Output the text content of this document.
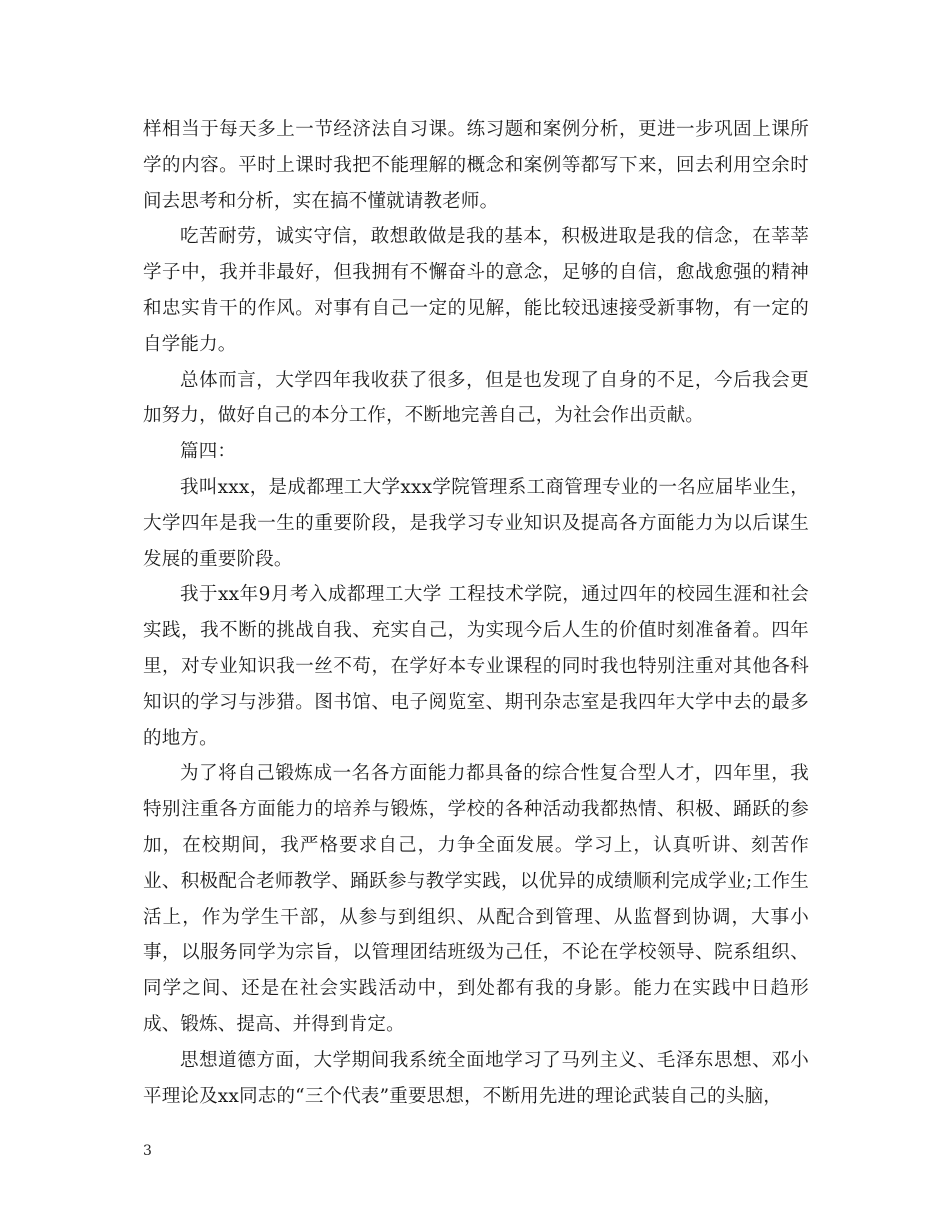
样相当于每天多上一节经济法自习课。练习题和案例分析，更进一步巩固上课所学的内容。平时上课时我把不能理解的概念和案例等都写下来，回去利用空余时间去思考和分析，实在搞不懂就请教老师。

吃苦耐劳，诚实守信，敢想敢做是我的基本，积极进取是我的信念，在莘莘学子中，我并非最好，但我拥有不懈奋斗的意念，足够的自信，愈战愈强的精神和忠实肯干的作风。对事有自己一定的见解，能比较迅速接受新事物，有一定的自学能力。

总体而言，大学四年我收获了很多，但是也发现了自身的不足，今后我会更加努力，做好自己的本分工作，不断地完善自己，为社会作出贡献。

篇四：

我叫xxx，是成都理工大学xxx学院管理系工商管理专业的一名应届毕业生，大学四年是我一生的重要阶段，是我学习专业知识及提高各方面能力为以后谋生发展的重要阶段。

我于xx年9月考入成都理工大学 工程技术学院，通过四年的校园生涯和社会实践，我不断的挑战自我、充实自己，为实现今后人生的价值时刻准备着。四年里，对专业知识我一丝不苟，在学好本专业课程的同时我也特别注重对其他各科知识的学习与涉猎。图书馆、电子阅览室、期刊杂志室是我四年大学中去的最多的地方。

为了将自己锻炼成一名各方面能力都具备的综合性复合型人才，四年里，我特别注重各方面能力的培养与锻炼，学校的各种活动我都热情、积极、踊跃的参加，在校期间，我严格要求自己，力争全面发展。学习上，认真听讲、刻苦作业、积极配合老师教学、踊跃参与教学实践，以优异的成绩顺利完成学业;工作生活上，作为学生干部，从参与到组织、从配合到管理、从监督到协调，大事小事，以服务同学为宗旨，以管理团结班级为己任，不论在学校领导、院系组织、同学之间、还是在社会实践活动中，到处都有我的身影。能力在实践中日趋形成、锻炼、提高、并得到肯定。

思想道德方面，大学期间我系统全面地学习了马列主义、毛泽东思想、邓小平理论及xx同志的“三个代表”重要思想，不断用先进的理论武装自己的头脑，

3
